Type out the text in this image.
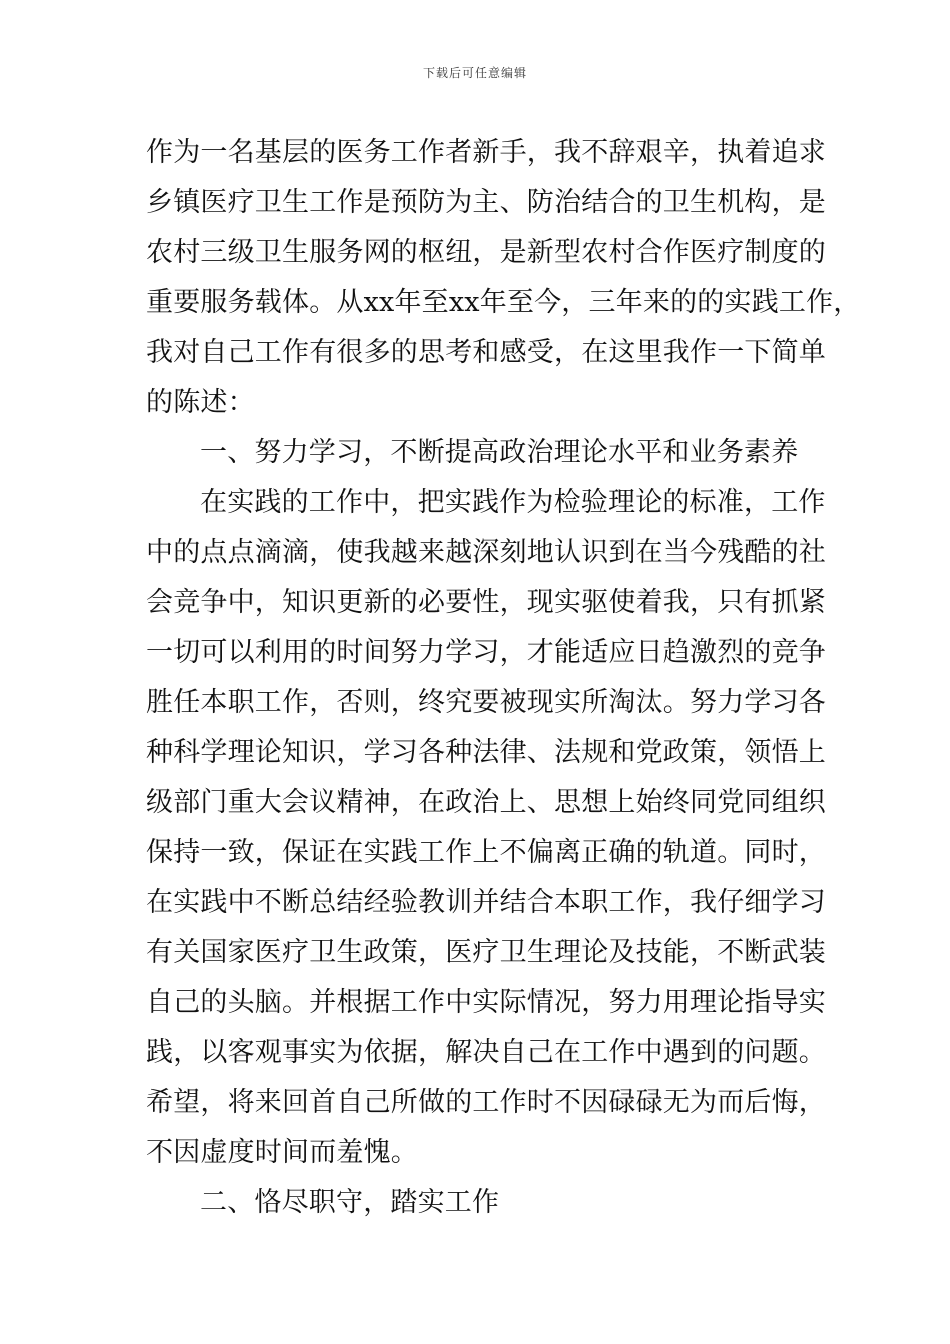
下载后可任意编辑
作为一名基层的医务工作者新手，我不辞艰辛，执着追求
乡镇医疗卫生工作是预防为主、防治结合的卫生机构，是
农村三级卫生服务网的枢纽，是新型农村合作医疗制度的
重要服务载体。从xx年至xx年至今，三年来的的实践工作，
我对自己工作有很多的思考和感受，在这里我作一下简单
的陈述：
一、努力学习，不断提高政治理论水平和业务素养
在实践的工作中，把实践作为检验理论的标准，工作
中的点点滴滴，使我越来越深刻地认识到在当今残酷的社
会竞争中，知识更新的必要性，现实驱使着我，只有抓紧
一切可以利用的时间努力学习，才能适应日趋激烈的竞争
胜任本职工作，否则，终究要被现实所淘汰。努力学习各
种科学理论知识，学习各种法律、法规和党政策，领悟上
级部门重大会议精神，在政治上、思想上始终同党同组织
保持一致，保证在实践工作上不偏离正确的轨道。同时，
在实践中不断总结经验教训并结合本职工作，我仔细学习
有关国家医疗卫生政策，医疗卫生理论及技能，不断武装
自己的头脑。并根据工作中实际情况，努力用理论指导实
践，以客观事实为依据，解决自己在工作中遇到的问题。
希望，将来回首自己所做的工作时不因碌碌无为而后悔，
不因虚度时间而羞愧。
二、恪尽职守，踏实工作
